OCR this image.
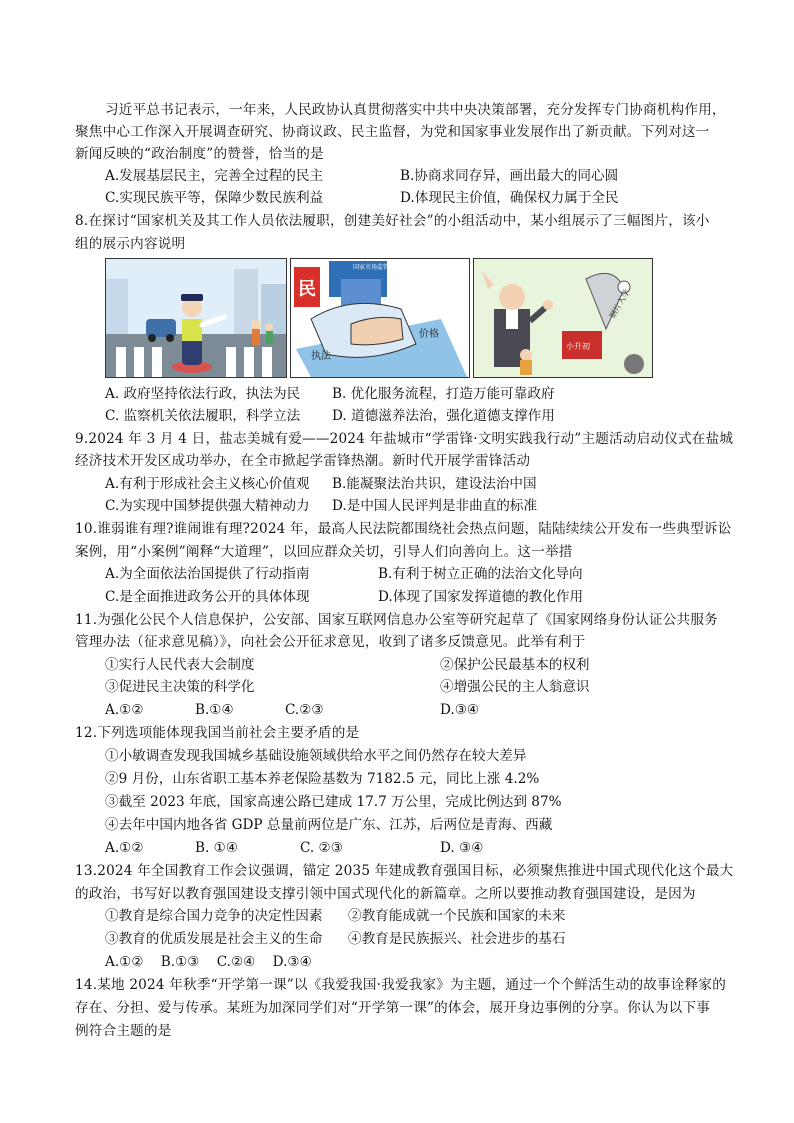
习近平总书记表示，一年来，人民政协认真贯彻落实中共中央决策部署，充分发挥专门协商机构作用，
聚焦中心工作深入开展调查研究、协商议政、民主监督，为党和国家事业发展作出了新贡献。下列对这一
新闻反映的“政治制度”的赞誉，恰当的是
A.发展基层民主，完善全过程的民主	B.协商求同存异，画出最大的同心圆
C.实现民族平等，保障少数民族利益	D.体现民主价值，确保权力属于全民
8.在探讨“国家机关及其工作人员依法履职，创建美好社会”的小组活动中，某小组展示了三幅图片，该小
组的展示内容说明
民
国家市场监管总局
执法
价格
小升初
钢片入学
A. 政府坚持依法行政，执法为民 B. 优化服务流程，打造万能可靠政府
C. 监察机关依法履职，科学立法 D. 道德滋养法治，强化道德支撑作用
9.2024 年 3 月 4 日，盐志美城有爱——2024 年盐城市“学雷锋·文明实践我行动”主题活动启动仪式在盐城
经济技术开发区成功举办，在全市掀起学雷锋热潮。新时代开展学雷锋活动
A.有利于形成社会主义核心价值观 B.能凝聚法治共识，建设法治中国
C.为实现中国梦提供强大精神动力 D.是中国人民评判是非曲直的标准
10.谁弱谁有理?谁闹谁有理?2024 年，最高人民法院都围绕社会热点问题，陆陆续续公开发布一些典型诉讼
案例，用“小案例”阐释“大道理”，以回应群众关切，引导人们向善向上。这一举措
A.为全面依法治国提供了行动指南	B.有利于树立正确的法治文化导向
C.是全面推进政务公开的具体体现	D.体现了国家发挥道德的教化作用
11.为强化公民个人信息保护，公安部、国家互联网信息办公室等研究起草了《国家网络身份认证公共服务
管理办法（征求意见稿）》，向社会公开征求意见，收到了诸多反馈意见。此举有利于
①实行人民代表大会制度	②保护公民最基本的权利
③促进民主决策的科学化	④增强公民的主人翁意识
A.①②	B.①④	C.②③	D.③④
12.下列选项能体现我国当前社会主要矛盾的是
①小敏调查发现我国城乡基础设施领域供给水平之间仍然存在较大差异
②9 月份，山东省职工基本养老保险基数为 7182.5 元，同比上涨 4.2%
③截至 2023 年底，国家高速公路已建成 17.7 万公里，完成比例达到 87%
④去年中国内地各省 GDP 总量前两位是广东、江苏，后两位是青海、西藏
A.①②	B. ①④	C. ②③	D. ③④
13.2024 年全国教育工作会议强调，锚定 2035 年建成教育强国目标，必须聚焦推进中国式现代化这个最大
的政治，书写好以教育强国建设支撑引领中国式现代化的新篇章。之所以要推动教育强国建设，是因为
①教育是综合国力竞争的决定性因素 ②教育能成就一个民族和国家的未来
③教育的优质发展是社会主义的生命 ④教育是民族振兴、社会进步的基石
A.①②    B.①③    C.②④    D.③④
14.某地 2024 年秋季“开学第一课”以《我爱我国·我爱我家》为主题，通过一个个鲜活生动的故事诠释家的
存在、分担、爱与传承。某班为加深同学们对“开学第一课”的体会，展开身边事例的分享。你认为以下事
例符合主题的是
